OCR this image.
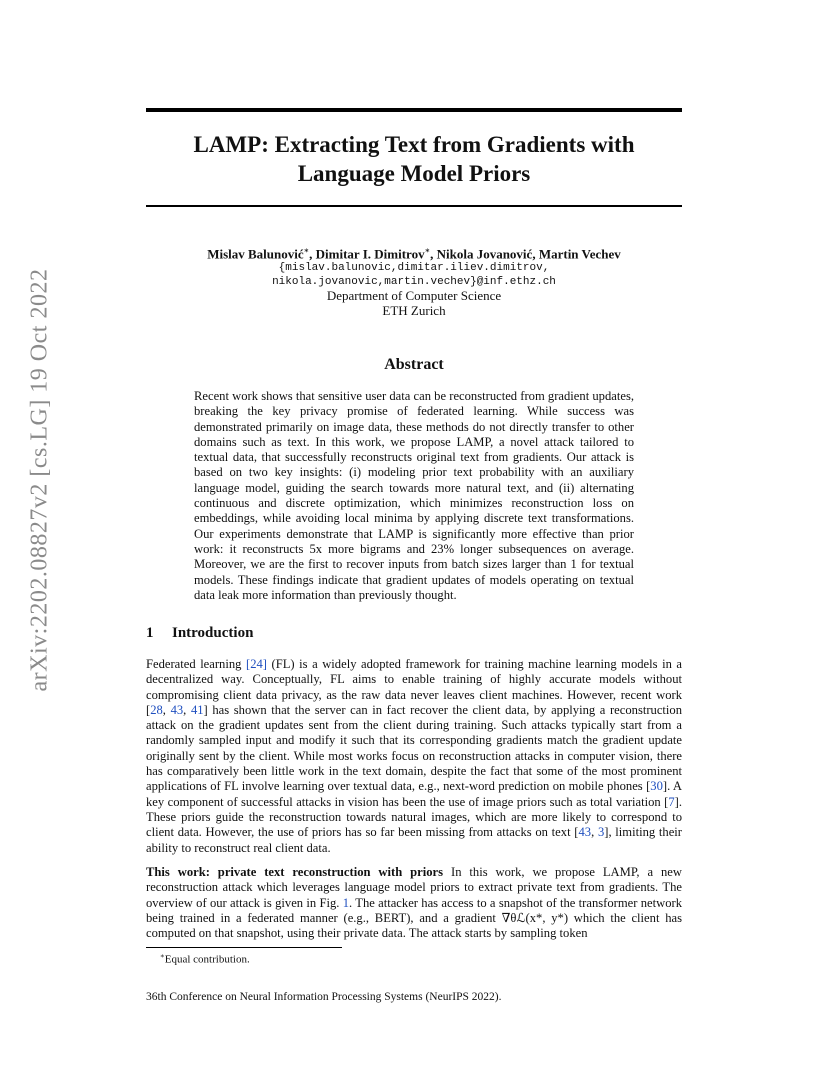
arXiv:2202.08827v2 [cs.LG] 19 Oct 2022
LAMP: Extracting Text from Gradients with
Language Model Priors
Mislav Balunović∗, Dimitar I. Dimitrov∗, Nikola Jovanović, Martin Vechev
{mislav.balunovic,dimitar.iliev.dimitrov,
nikola.jovanovic,martin.vechev}@inf.ethz.ch
Department of Computer Science
ETH Zurich
Abstract
Recent work shows that sensitive user data can be reconstructed from gradient updates, breaking the key privacy promise of federated learning. While success was demonstrated primarily on image data, these methods do not directly transfer to other domains such as text. In this work, we propose LAMP, a novel attack tailored to textual data, that successfully reconstructs original text from gradients. Our attack is based on two key insights: (i) modeling prior text probability with an auxiliary language model, guiding the search towards more natural text, and (ii) alternating continuous and discrete optimization, which minimizes reconstruction loss on embeddings, while avoiding local minima by applying discrete text transformations. Our experiments demonstrate that LAMP is significantly more effective than prior work: it reconstructs 5x more bigrams and 23% longer subsequences on average. Moreover, we are the first to recover inputs from batch sizes larger than 1 for textual models. These findings indicate that gradient updates of models operating on textual data leak more information than previously thought.
1 Introduction
Federated learning [24] (FL) is a widely adopted framework for training machine learning models in a decentralized way. Conceptually, FL aims to enable training of highly accurate models without compromising client data privacy, as the raw data never leaves client machines. However, recent work [28, 43, 41] has shown that the server can in fact recover the client data, by applying a reconstruction attack on the gradient updates sent from the client during training. Such attacks typically start from a randomly sampled input and modify it such that its corresponding gradients match the gradient update originally sent by the client. While most works focus on reconstruction attacks in computer vision, there has comparatively been little work in the text domain, despite the fact that some of the most prominent applications of FL involve learning over textual data, e.g., next-word prediction on mobile phones [30]. A key component of successful attacks in vision has been the use of image priors such as total variation [7]. These priors guide the reconstruction towards natural images, which are more likely to correspond to client data. However, the use of priors has so far been missing from attacks on text [43, 3], limiting their ability to reconstruct real client data.
This work: private text reconstruction with priors In this work, we propose LAMP, a new reconstruction attack which leverages language model priors to extract private text from gradients. The overview of our attack is given in Fig. 1. The attacker has access to a snapshot of the transformer network being trained in a federated manner (e.g., BERT), and a gradient ∇θℒ(x*, y*) which the client has computed on that snapshot, using their private data. The attack starts by sampling token
∗Equal contribution.
36th Conference on Neural Information Processing Systems (NeurIPS 2022).
